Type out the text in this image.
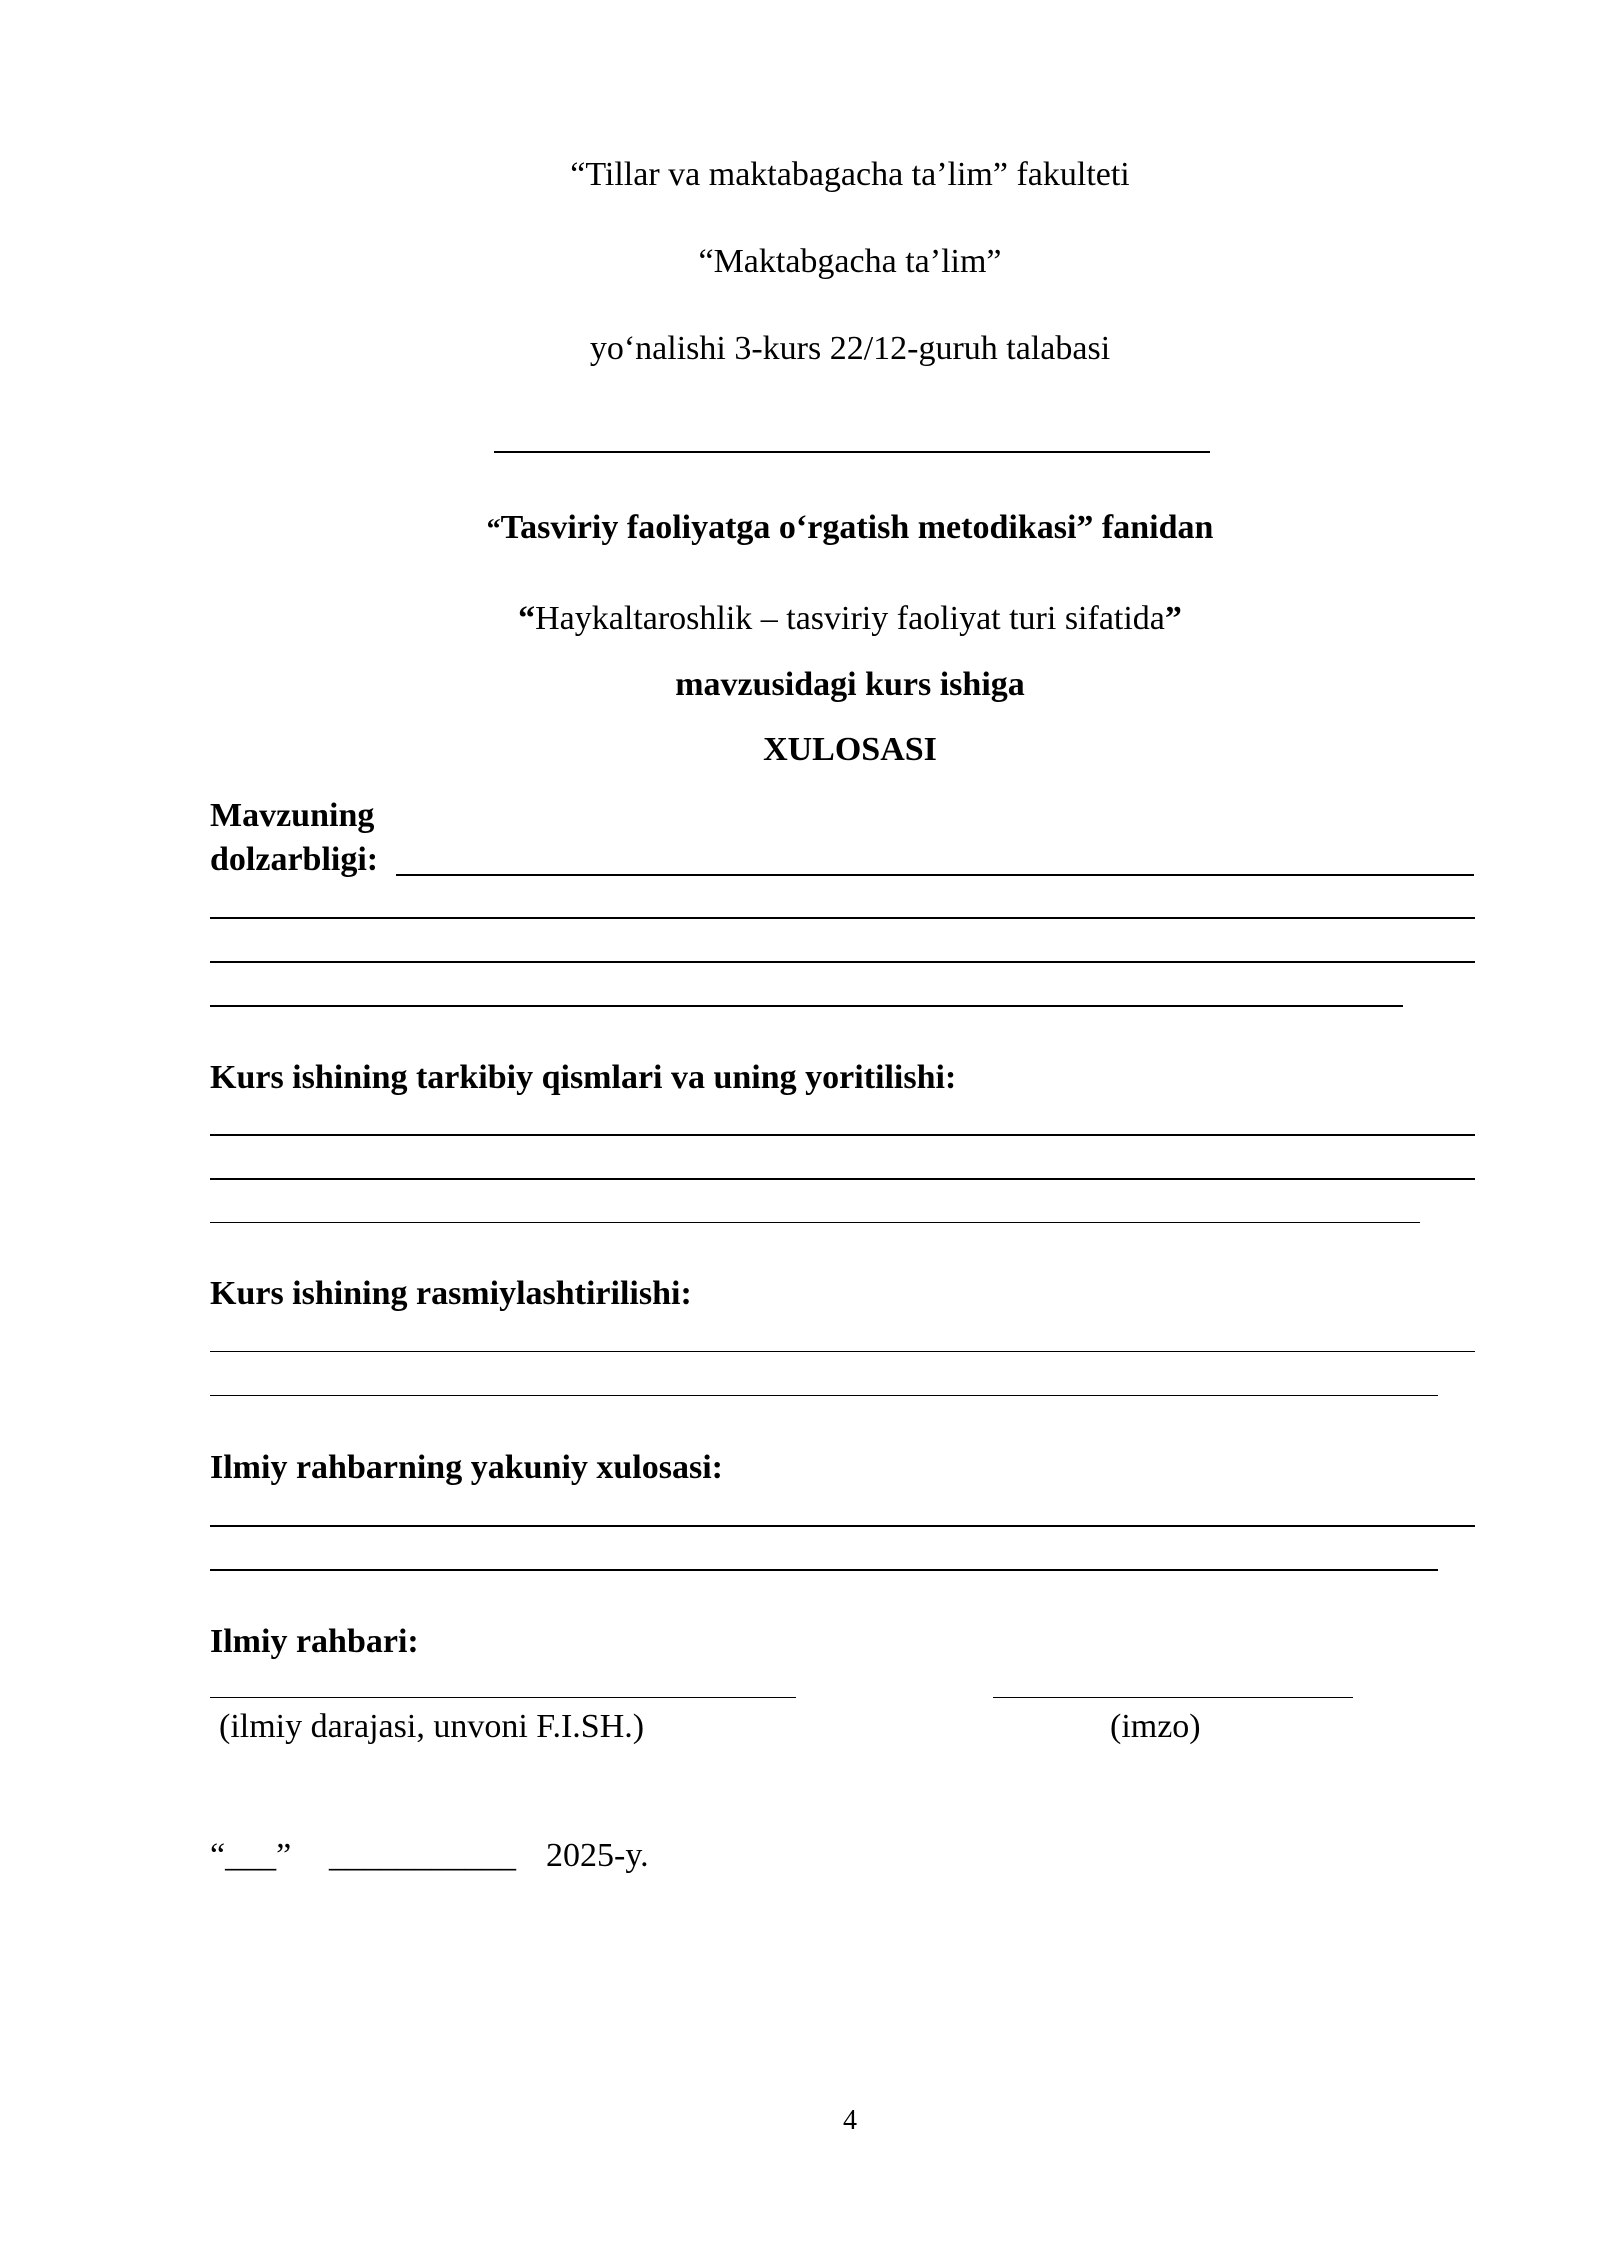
“Tillar va maktabagacha ta’lim” fakulteti
“Maktabgacha ta’lim”
yo‘nalishi 3-kurs 22/12-guruh talabasi
“Tasviriy faoliyatga o‘rgatish metodikasi” fanidan
“Haykaltaroshlik – tasviriy faoliyat turi sifatida”
mavzusidagi kurs ishiga
XULOSASI
Mavzuning
dolzarbligi:
Kurs ishining tarkibiy qismlari va uning yoritilishi:
Kurs ishining rasmiylashtirilishi:
Ilmiy rahbarning yakuniy xulosasi:
Ilmiy rahbari:
(ilmiy darajasi, unvoni F.I.SH.)	(imzo)
“___” ___________ 2025-y.
4
